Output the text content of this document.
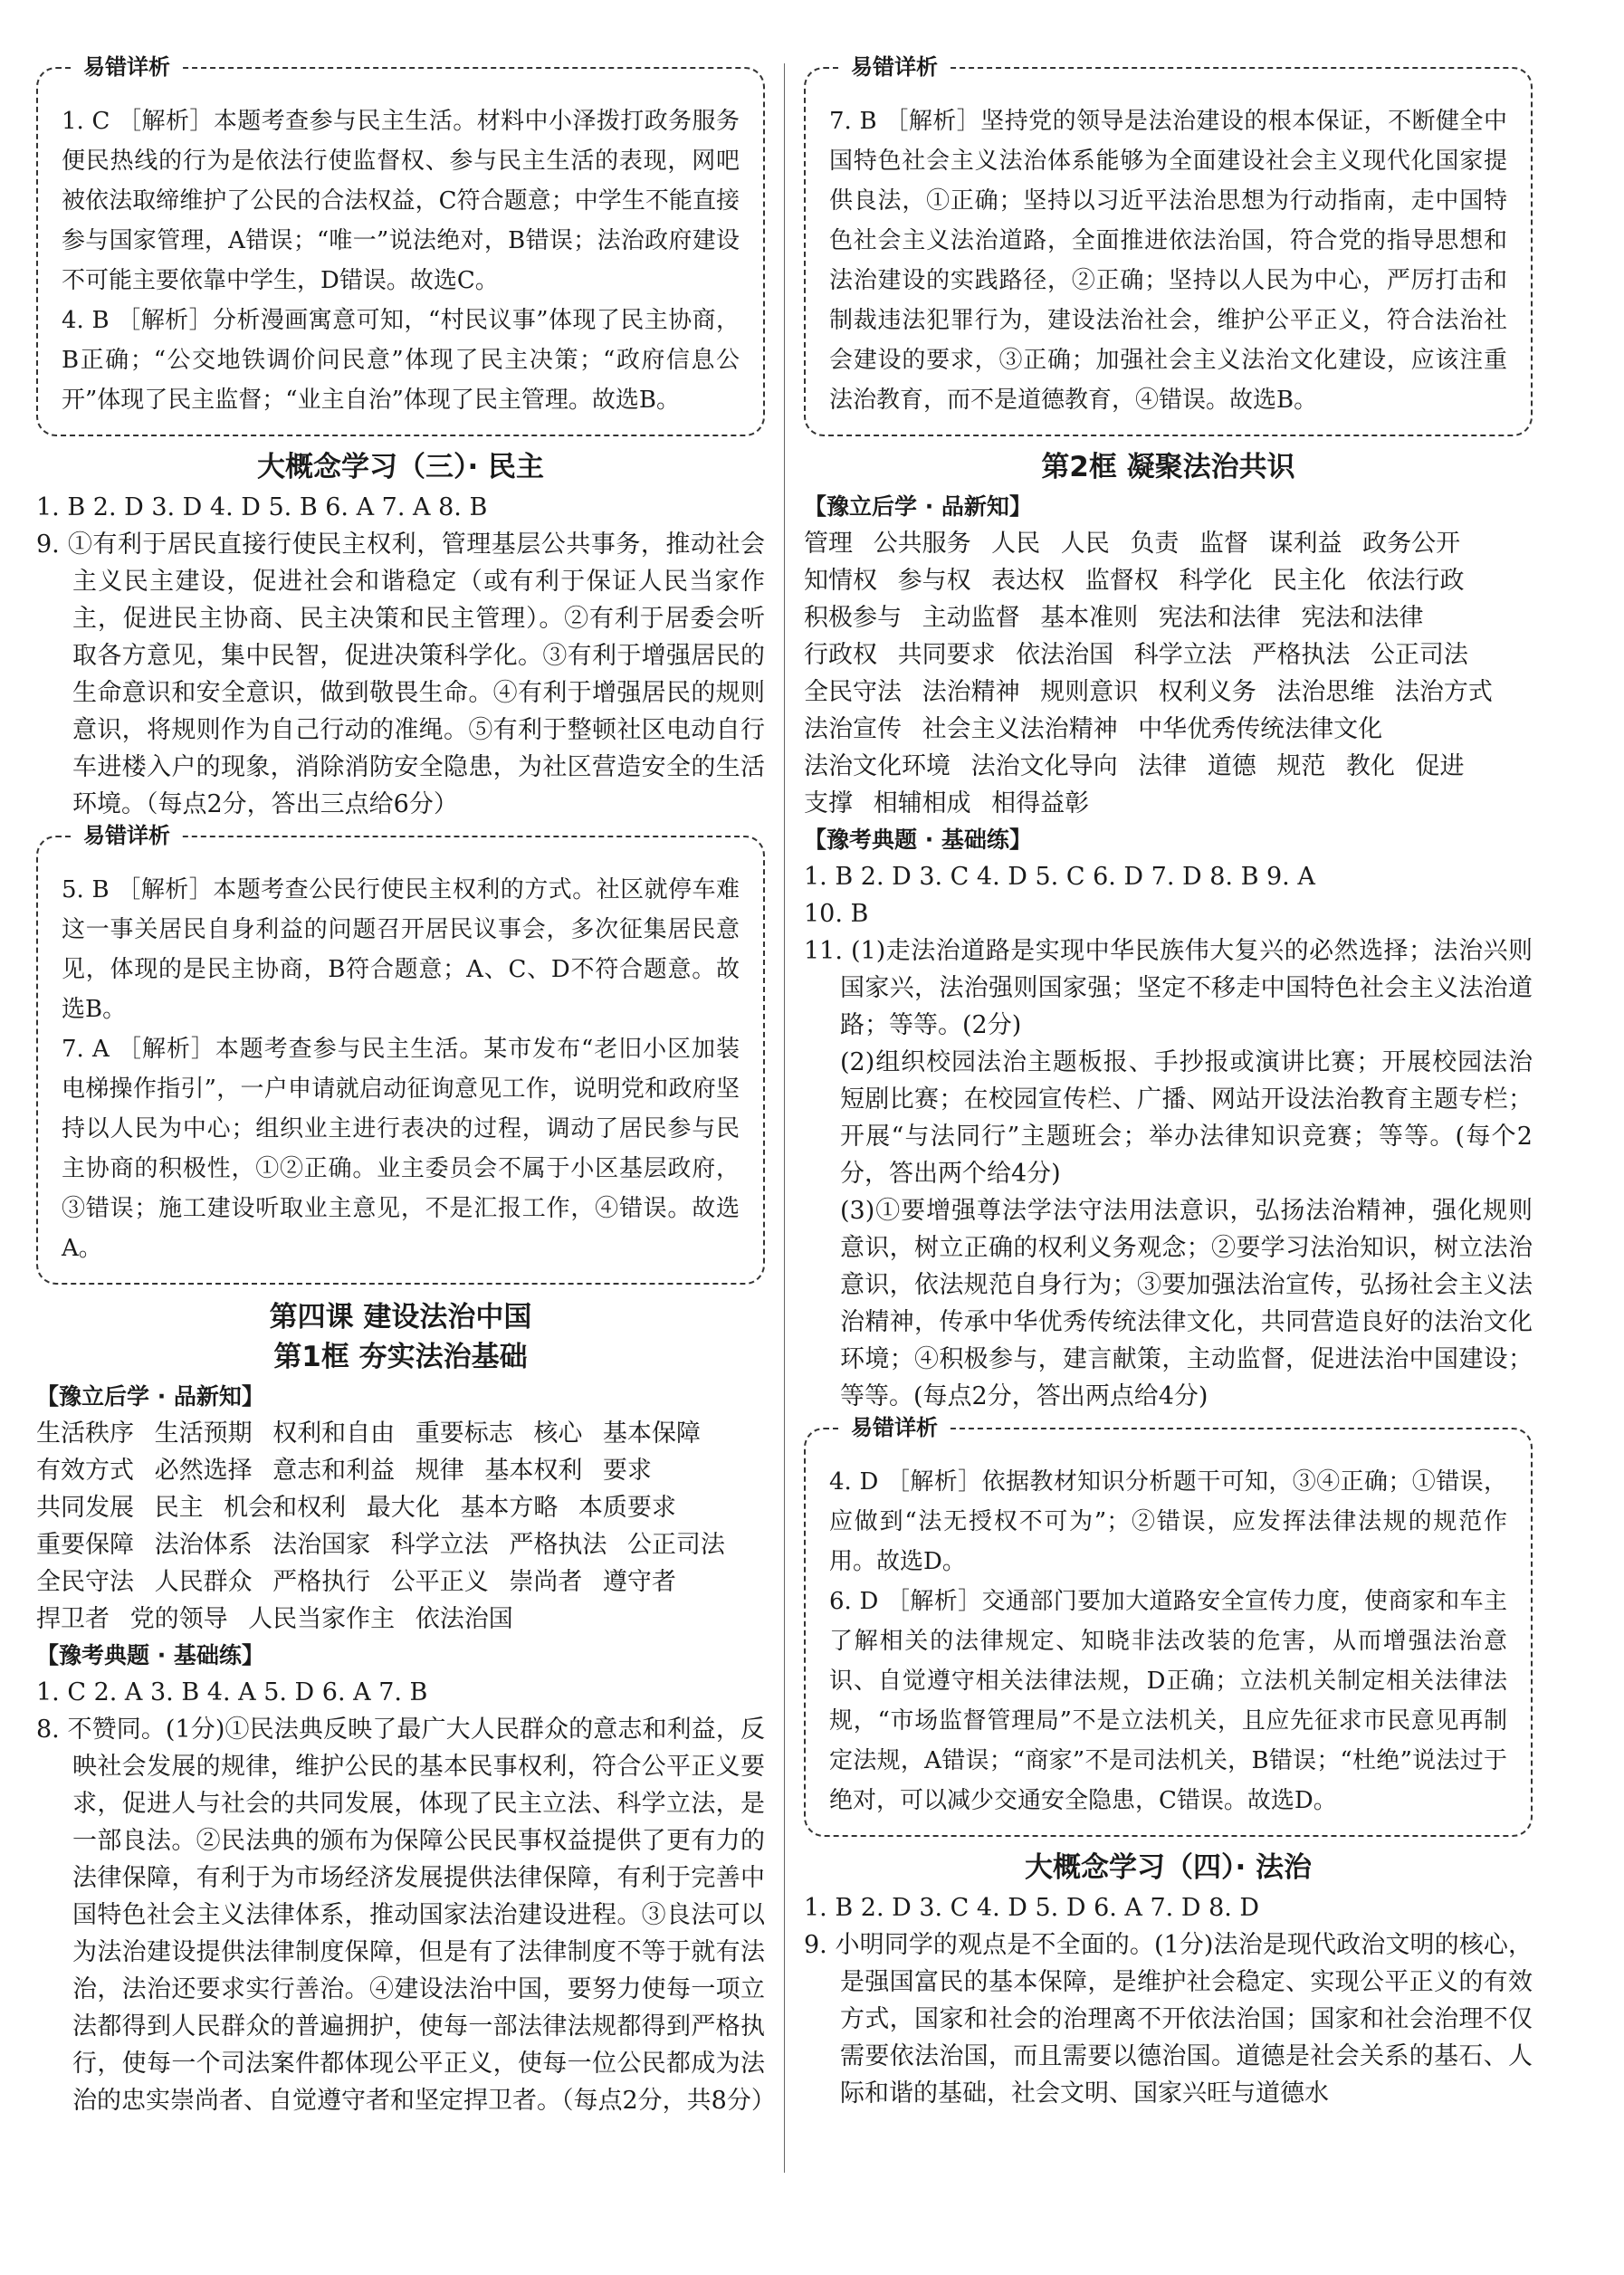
易错详析

1. C ［解析］本题考查参与民主生活。材料中小泽拨打政务服务便民热线的行为是依法行使监督权、参与民主生活的表现，网吧被依法取缔维护了公民的合法权益，C符合题意；中学生不能直接参与国家管理，A错误；“唯一”说法绝对，B错误；法治政府建设不可能主要依靠中学生，D错误。故选C。

4. B ［解析］分析漫画寓意可知，“村民议事”体现了民主协商，B正确；“公交地铁调价问民意”体现了民主决策；“政府信息公开”体现了民主监督；“业主自治”体现了民主管理。故选B。

大概念学习（三）· 民主

1. B 2. D 3. D 4. D 5. B 6. A 7. A 8. B

9. ①有利于居民直接行使民主权利，管理基层公共事务，推动社会主义民主建设，促进社会和谐稳定（或有利于保证人民当家作主，促进民主协商、民主决策和民主管理）。②有利于居委会听取各方意见，集中民智，促进决策科学化。③有利于增强居民的生命意识和安全意识，做到敬畏生命。④有利于增强居民的规则意识，将规则作为自己行动的准绳。⑤有利于整顿社区电动自行车进楼入户的现象，消除消防安全隐患，为社区营造安全的生活环境。（每点2分，答出三点给6分）

易错详析

5. B ［解析］本题考查公民行使民主权利的方式。社区就停车难这一事关居民自身利益的问题召开居民议事会，多次征集居民意见，体现的是民主协商，B符合题意；A、C、D不符合题意。故选B。

7. A ［解析］本题考查参与民主生活。某市发布“老旧小区加装电梯操作指引”，一户申请就启动征询意见工作，说明党和政府坚持以人民为中心；组织业主进行表决的过程，调动了居民参与民主协商的积极性，①②正确。业主委员会不属于小区基层政府，③错误；施工建设听取业主意见，不是汇报工作，④错误。故选A。

第四课 建设法治中国
第1框 夯实法治基础

【豫立后学 · 品新知】

生活秩序 生活预期 权利和自由 重要标志 核心 基本保障

有效方式 必然选择 意志和利益 规律 基本权利 要求

共同发展 民主 机会和权利 最大化 基本方略 本质要求

重要保障 法治体系 法治国家 科学立法 严格执法 公正司法

全民守法 人民群众 严格执行 公平正义 崇尚者 遵守者

捍卫者 党的领导 人民当家作主 依法治国

【豫考典题 · 基础练】

1. C 2. A 3. B 4. A 5. D 6. A 7. B

8. 不赞同。(1分)①民法典反映了最广大人民群众的意志和利益，反映社会发展的规律，维护公民的基本民事权利，符合公平正义要求，促进人与社会的共同发展，体现了民主立法、科学立法，是一部良法。②民法典的颁布为保障公民民事权益提供了更有力的法律保障，有利于为市场经济发展提供法律保障，有利于完善中国特色社会主义法律体系，推动国家法治建设进程。③良法可以为法治建设提供法律制度保障，但是有了法律制度不等于就有法治，法治还要求实行善治。④建设法治中国，要努力使每一项立法都得到人民群众的普遍拥护，使每一部法律法规都得到严格执行，使每一个司法案件都体现公平正义，使每一位公民都成为法治的忠实崇尚者、自觉遵守者和坚定捍卫者。（每点2分，共8分）

易错详析

7. B ［解析］坚持党的领导是法治建设的根本保证，不断健全中国特色社会主义法治体系能够为全面建设社会主义现代化国家提供良法，①正确；坚持以习近平法治思想为行动指南，走中国特色社会主义法治道路，全面推进依法治国，符合党的指导思想和法治建设的实践路径，②正确；坚持以人民为中心，严厉打击和制裁违法犯罪行为，建设法治社会，维护公平正义，符合法治社会建设的要求，③正确；加强社会主义法治文化建设，应该注重法治教育，而不是道德教育，④错误。故选B。

第2框 凝聚法治共识

【豫立后学 · 品新知】

管理 公共服务 人民 人民 负责 监督 谋利益 政务公开

知情权 参与权 表达权 监督权 科学化 民主化 依法行政

积极参与 主动监督 基本准则 宪法和法律 宪法和法律

行政权 共同要求 依法治国 科学立法 严格执法 公正司法

全民守法 法治精神 规则意识 权利义务 法治思维 法治方式

法治宣传 社会主义法治精神 中华优秀传统法律文化

法治文化环境 法治文化导向 法律 道德 规范 教化 促进

支撑 相辅相成 相得益彰

【豫考典题 · 基础练】

1. B 2. D 3. C 4. D 5. C 6. D 7. D 8. B 9. A

10. B

11. (1)走法治道路是实现中华民族伟大复兴的必然选择；法治兴则国家兴，法治强则国家强；坚定不移走中国特色社会主义法治道路；等等。(2分)

(2)组织校园法治主题板报、手抄报或演讲比赛；开展校园法治短剧比赛；在校园宣传栏、广播、网站开设法治教育主题专栏；开展“与法同行”主题班会；举办法律知识竞赛；等等。(每个2分，答出两个给4分)

(3)①要增强尊法学法守法用法意识，弘扬法治精神，强化规则意识，树立正确的权利义务观念；②要学习法治知识，树立法治意识，依法规范自身行为；③要加强法治宣传，弘扬社会主义法治精神，传承中华优秀传统法律文化，共同营造良好的法治文化环境；④积极参与，建言献策，主动监督，促进法治中国建设；等等。(每点2分，答出两点给4分)

易错详析

4. D ［解析］依据教材知识分析题干可知，③④正确；①错误，应做到“法无授权不可为”；②错误，应发挥法律法规的规范作用。故选D。

6. D ［解析］交通部门要加大道路安全宣传力度，使商家和车主了解相关的法律规定、知晓非法改装的危害，从而增强法治意识、自觉遵守相关法律法规，D正确；立法机关制定相关法律法规，“市场监督管理局”不是立法机关，且应先征求市民意见再制定法规，A错误；“商家”不是司法机关，B错误；“杜绝”说法过于绝对，可以减少交通安全隐患，C错误。故选D。

大概念学习（四）· 法治

1. B 2. D 3. C 4. D 5. D 6. A 7. D 8. D

9. 小明同学的观点是不全面的。(1分)法治是现代政治文明的核心，是强国富民的基本保障，是维护社会稳定、实现公平正义的有效方式，国家和社会的治理离不开依法治国；国家和社会治理不仅需要依法治国，而且需要以德治国。道德是社会关系的基石、人际和谐的基础，社会文明、国家兴旺与道德水
